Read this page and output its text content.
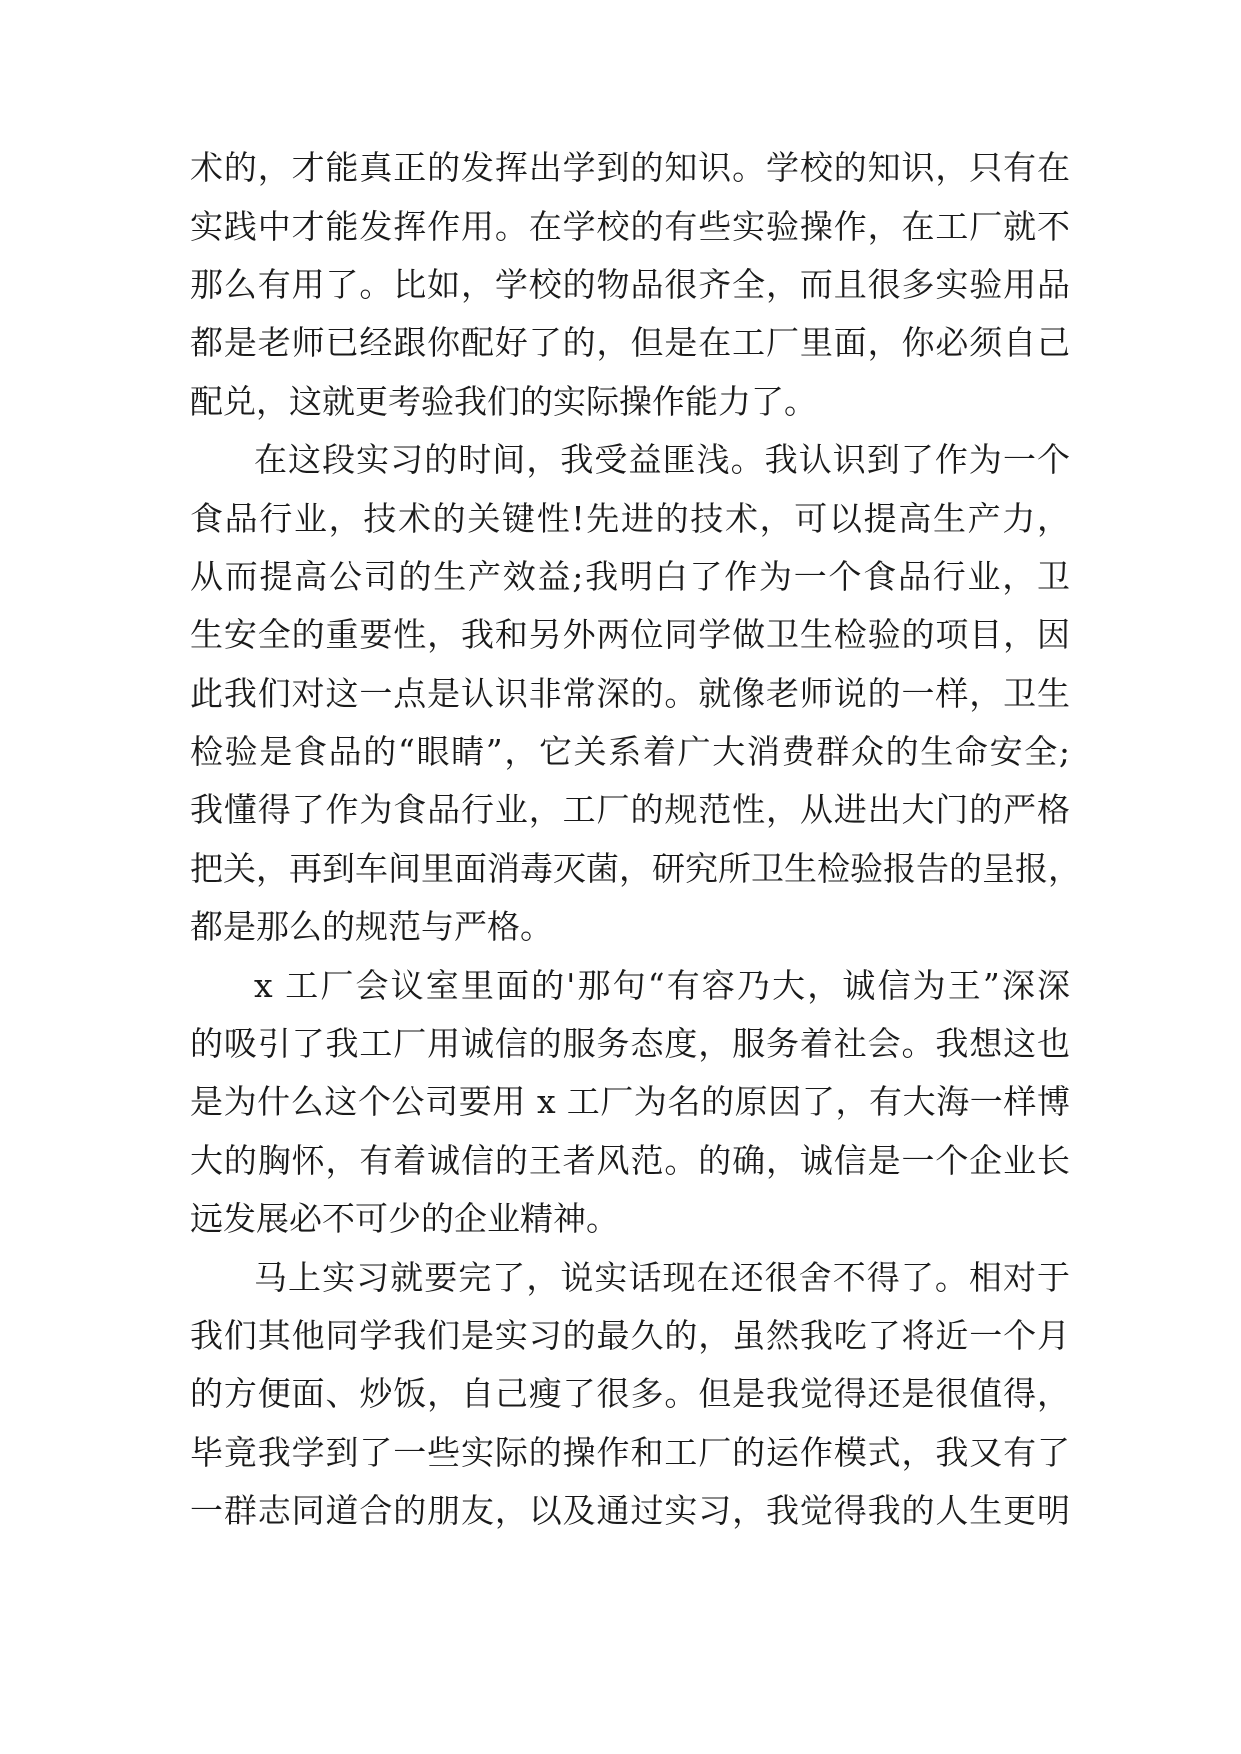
术的，才能真正的发挥出学到的知识。学校的知识，只有在
实践中才能发挥作用。在学校的有些实验操作，在工厂就不
那么有用了。比如，学校的物品很齐全，而且很多实验用品
都是老师已经跟你配好了的，但是在工厂里面，你必须自己
配兑，这就更考验我们的实际操作能力了。
在这段实习的时间，我受益匪浅。我认识到了作为一个
食品行业，技术的关键性!先进的技术，可以提高生产力，
从而提高公司的生产效益;我明白了作为一个食品行业，卫
生安全的重要性，我和另外两位同学做卫生检验的项目，因
此我们对这一点是认识非常深的。就像老师说的一样，卫生
检验是食品的“眼睛”，它关系着广大消费群众的生命安全;
我懂得了作为食品行业，工厂的规范性，从进出大门的严格
把关，再到车间里面消毒灭菌，研究所卫生检验报告的呈报，
都是那么的规范与严格。
x 工厂会议室里面的'那句“有容乃大，诚信为王”深深
的吸引了我工厂用诚信的服务态度，服务着社会。我想这也
是为什么这个公司要用 x 工厂为名的原因了，有大海一样博
大的胸怀，有着诚信的王者风范。的确，诚信是一个企业长
远发展必不可少的企业精神。
马上实习就要完了，说实话现在还很舍不得了。相对于
我们其他同学我们是实习的最久的，虽然我吃了将近一个月
的方便面、炒饭，自己瘦了很多。但是我觉得还是很值得，
毕竟我学到了一些实际的操作和工厂的运作模式，我又有了
一群志同道合的朋友，以及通过实习，我觉得我的人生更明
